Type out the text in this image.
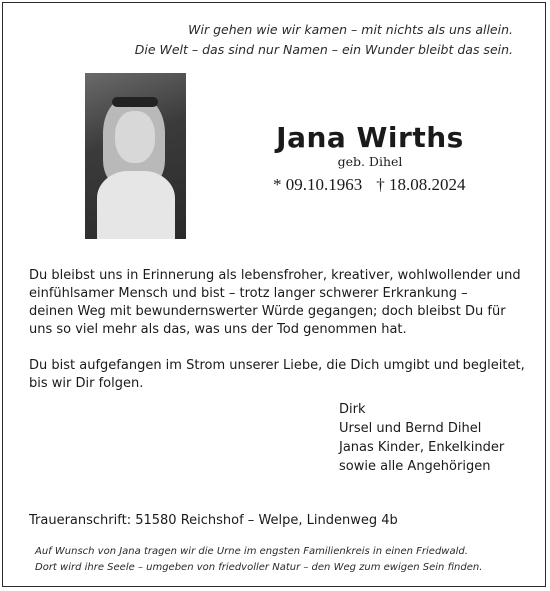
Wir gehen wie wir kamen – mit nichts als uns allein.
Die Welt – das sind nur Namen – ein Wunder bleibt das sein.
Jana Wirths
geb. Dihel
* 09.10.1963 † 18.08.2024

Du bleibst uns in Erinnerung als lebensfroher, kreativer, wohlwollender und
einfühlsamer Mensch und bist – trotz langer schwerer Erkrankung –
deinen Weg mit bewundernswerter Würde gegangen; doch bleibst Du für
uns so viel mehr als das, was uns der Tod genommen hat.

Du bist aufgefangen im Strom unserer Liebe, die Dich umgibt und begleitet,
bis wir Dir folgen.

Dirk
Ursel und Bernd Dihel
Janas Kinder, Enkelkinder
sowie alle Angehörigen
Traueranschrift: 51580 Reichshof – Welpe, Lindenweg 4b
Auf Wunsch von Jana tragen wir die Urne im engsten Familienkreis in einen Friedwald.
Dort wird ihre Seele – umgeben von friedvoller Natur – den Weg zum ewigen Sein finden.
